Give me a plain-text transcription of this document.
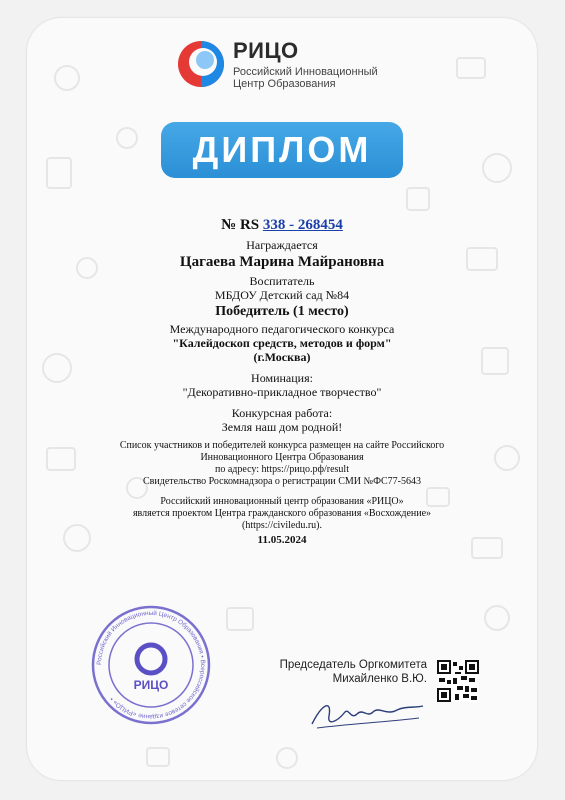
РИЦО
Российский Инновационный
Центр Образования
ДИПЛОМ
№ RS 338 - 268454
Награждается
Цагаева Марина Майрановна
Воспитатель
МБДОУ Детский сад №84
Победитель (1 место)
Международного педагогического конкурса
"Калейдоскоп средств, методов и форм"
(г.Москва)
Номинация:
"Декоративно-прикладное творчество"
Конкурсная работа:
Земля наш дом родной!
Список участников и победителей конкурса размещен на сайте Российского
Инновационного Центра Образования
по адресу: https://рицо.рф/result
Свидетельство Роскомнадзора о регистрации СМИ №ФС77-5643
Российский инновационный центр образования «РИЦО»
является проектом Центра гражданского образования «Восхождение»
(https://civiledu.ru).
11.05.2024
Российский Инновационный Центр Образования • Всероссийское сетевое издание «РИЦО» •
РИЦО
Председатель Оргкомитета
Михайленко В.Ю.
